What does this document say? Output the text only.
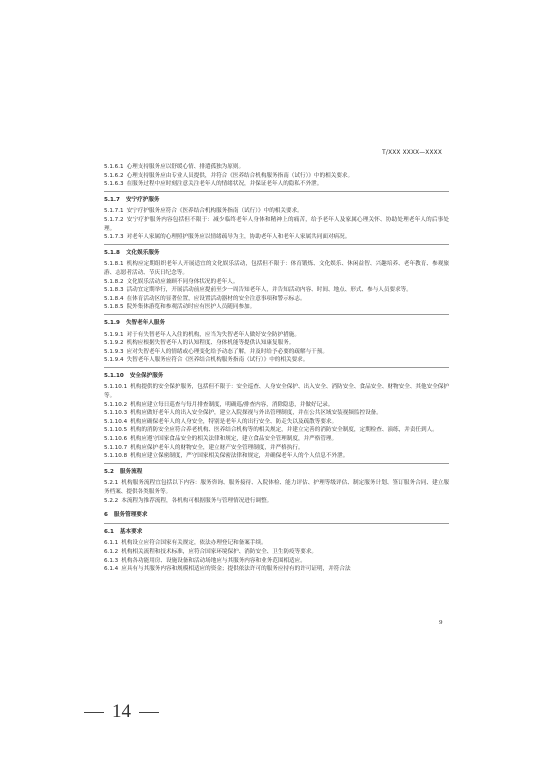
T/XXX XXXX—XXXX
5.1.6.1 心理支持服务应以舒缓心情、排遣孤独为原则。
5.1.6.2 心理支持服务应由专业人员提供，并符合《医养结合机构服务指南（试行）》中的相关要求。
5.1.6.3 在服务过程中应时刻注意关注老年人的情绪状况，并保证老年人的隐私不外泄。
5.1.7 安宁疗护服务
5.1.7.1 安宁疗护服务应符合《医养结合机构服务指南（试行）》中的相关要求。
5.1.7.2 安宁疗护服务内容包括但不限于：减少临终老年人身体和精神上的痛苦，给予老年人及家属心理关怀、协助处理老年人的后事处理。
5.1.7.3 对老年人家属的心理照护服务应以情绪疏导为主，协助老年人和老年人家属共同面对病况。
5.1.8 文化娱乐服务
5.1.8.1 机构应定期组织老年人开展适宜的文化娱乐活动，包括但不限于：体育锻炼、文化娱乐、休闲益智、兴趣培养、老年教育、参观旅游、志愿者活动、节庆日纪念等。
5.1.8.2 文化娱乐活动应兼顾不同身体状况的老年人。
5.1.8.3 活动宜定期举行，开展活动前应提前至少一周告知老年人，并告知活动内容、时间、地点、形式、参与人员要求等。
5.1.8.4 在体育活动区的显著位置，应设置活动器材的安全注意事项和警示标志。
5.1.8.5 院外集体游览和参观活动时应有医护人员随同参加。
5.1.9 失智老年人服务
5.1.9.1 对于有失智老年人入住的机构，应当为失智老年人做好安全防护措施。
5.1.9.2 机构应根据失智老年人的认知程度、身体机能等提供认知康复服务。
5.1.9.3 应对失智老年人的情绪或心理变化给予动态了解，并及时给予必要的疏解与干预。
5.1.9.4 失智老年人服务应符合《医养结合机构服务指南（试行）》中的相关要求。
5.1.10 安全保护服务
5.1.10.1 机构提供的安全保护服务，包括但不限于：安全巡查、人身安全保护、出入安全、消防安全、食品安全、财物安全、其他安全保护等。
5.1.10.2 机构应建立每日巡查与每月排查制度，明确巡/排查内容，消除隐患，并做好记录。
5.1.10.3 机构应做好老年人的出入安全保护，建立入院探视与外出管理制度，并在公共区域安装视频监控设备。
5.1.10.4 机构应确保老年人的人身安全，特别是老年人的出行安全、防走失以及疏散等要求。
5.1.10.5 机构的消防安全应符合养老机构、医养结合机构等的相关规定，并建立完善的消防安全制度，定期检查、演练，并责任到人。
5.1.10.6 机构应遵守国家食品安全的相关法律和规定，建立食品安全管理制度，并严格管理。
5.1.10.7 机构应保护老年人的财物安全，建立财产安全管理制度，并严格执行。
5.1.10.8 机构应建立保密制度，严守国家相关保密法律和规定，并确保老年人的个人信息不外泄。
5.2 服务流程
5.2.1 机构服务流程宜包括以下内容：服务咨询、服务接待、入院体检、能力评估、护理等级评估、制定服务计划、签订服务合同、建立服务档案、提供各类服务等。
5.2.2 本流程为推荐流程，各机构可根据服务与管理情况进行调整。
6 服务管理要求
6.1 基本要求
6.1.1 机构设立应符合国家有关规定，依法办理登记和备案手续。
6.1.2 机构相关流程和技术标准，应符合国家环境保护、消防安全、卫生防疫等要求。
6.1.3 机构各功能用房、设施设备和活动场地应与其服务内容和业务范围相适应。
6.1.4 应具有与其服务内容和规模相适应的资金；提供依法许可的服务应持有的许可证明，并符合法
9
14
